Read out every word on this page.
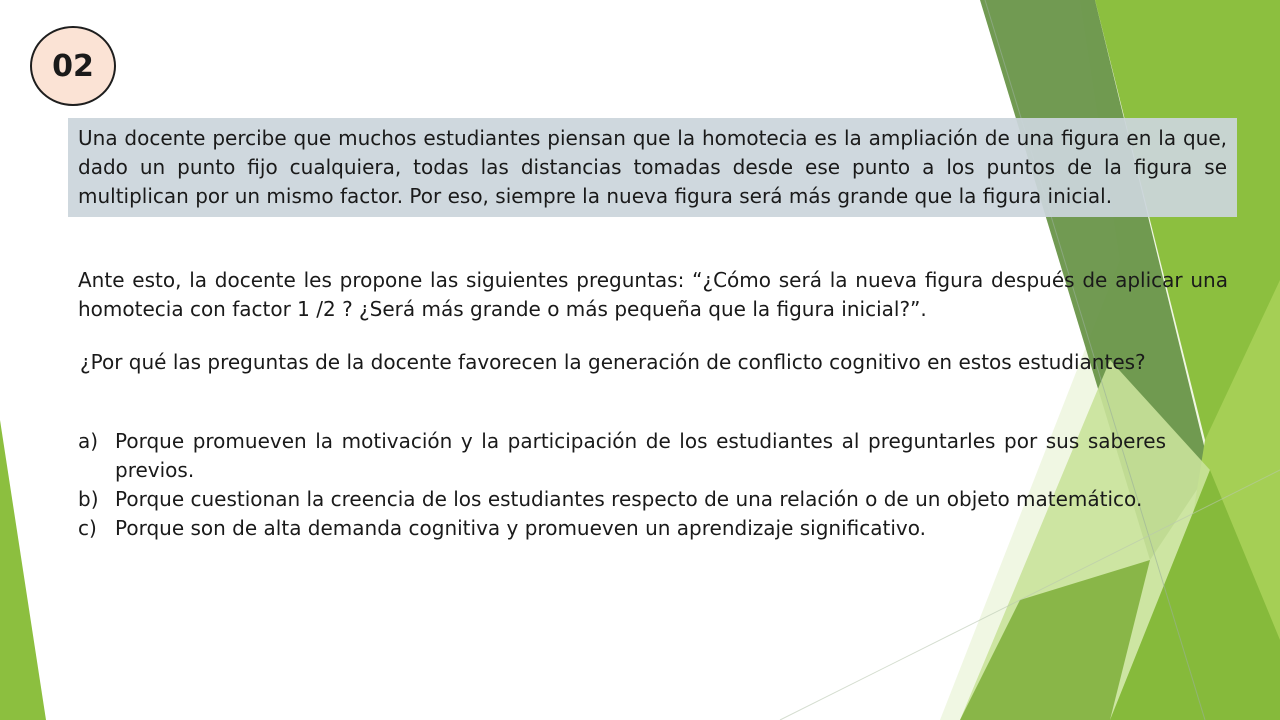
02

Una docente percibe que muchos estudiantes piensan que la homotecia es la ampliación de una figura en la que, dado un punto fijo cualquiera, todas las distancias tomadas desde ese punto a los puntos de la figura se multiplican por un mismo factor. Por eso, siempre la nueva figura será más grande que la figura inicial.

Ante esto, la docente les propone las siguientes preguntas: “¿Cómo será la nueva figura después de aplicar una homotecia con factor 1 /2 ? ¿Será más grande o más pequeña que la figura inicial?”.

¿Por qué las preguntas de la docente favorecen la generación de conflicto cognitivo en estos estudiantes?

a) Porque promueven la motivación y la participación de los estudiantes al preguntarles por sus saberes previos.
b) Porque cuestionan la creencia de los estudiantes respecto de una relación o de un objeto matemático.
c) Porque son de alta demanda cognitiva y promueven un aprendizaje significativo.
